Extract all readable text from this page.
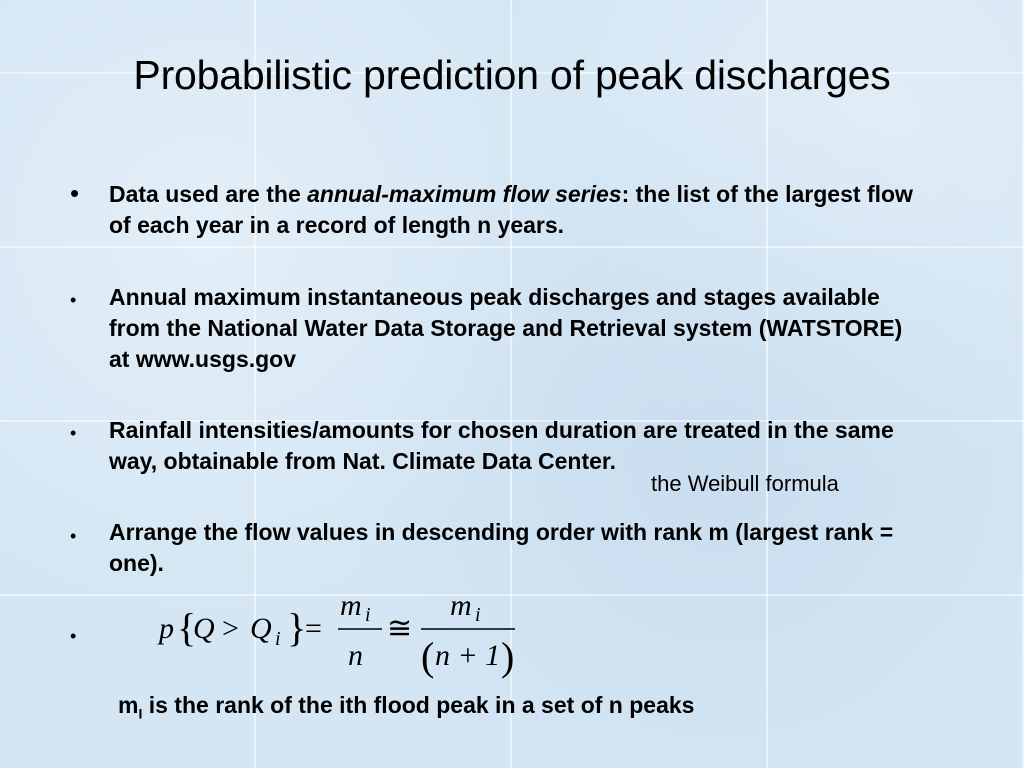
Probabilistic prediction of peak discharges
• Data used are the annual-maximum flow series: the list of the largest flow of each year in a record of length n years.
• Annual maximum instantaneous peak discharges and stages available from the National Water Data Storage and Retrieval system (WATSTORE) at www.usgs.gov
• Rainfall intensities/amounts for chosen duration are treated in the same way, obtainable from Nat. Climate Data Center.
the Weibull formula
• Arrange the flow values in descending order with rank m (largest rank = one).
•	p {
Q > Q i }
=
m i
n
≅
m i
( n + 1 )
$m_I$ is the rank of the ith flood peak in a set of n peaks
